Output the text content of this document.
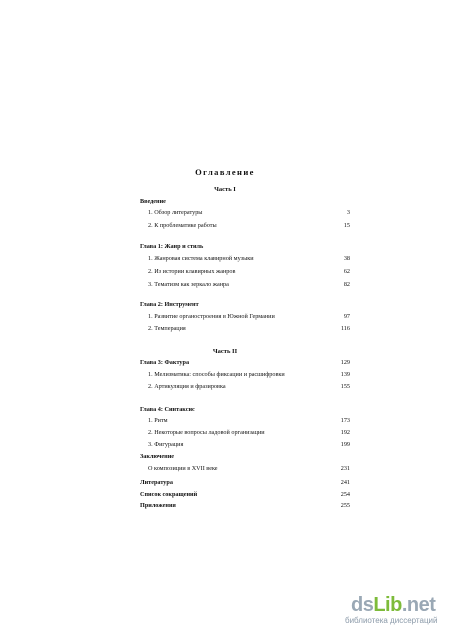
Оглавление
Часть I
Введение
1. Обзор литературы	3
2. К проблематике работы	15
Глава 1: Жанр и стиль
1. Жанровая система клавирной музыки	38
2. Из истории клавирных жанров	62
3. Тематизм как зеркало жанра	82
Глава 2: Инструмент
1. Развитие органостроения в Южной Германии	97
2. Темперация	116
Часть II
Глава 3: Фактура	129
1. Мелизматика: способы фиксации и расшифровки	139
2. Артикуляция и фразировка	155
Глава 4: Синтаксис
1. Ритм	173
2. Некоторые вопросы ладовой организации	192
3. Фигурация	199
Заключение
О композиции в XVII веке	231
Литература	241
Список сокращений	254
Приложения	255
dsLib.net
библиотека диссертаций
